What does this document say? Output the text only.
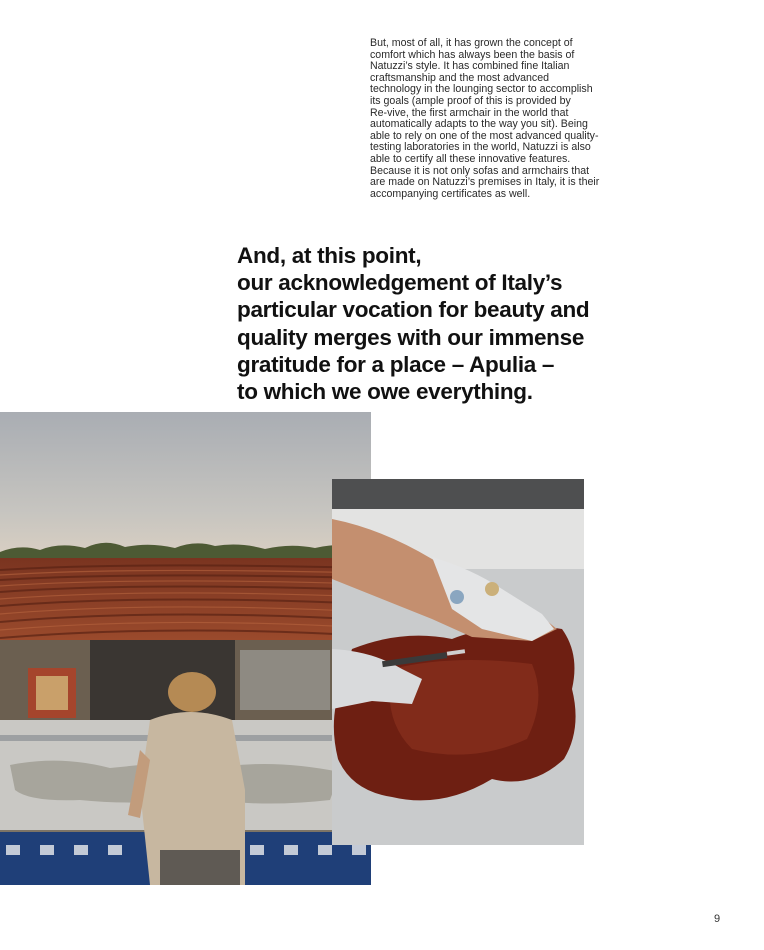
But, most of all, it has grown the concept of
comfort which has always been the basis of
Natuzzi’s style. It has combined fine Italian
craftsmanship and the most advanced
technology in the lounging sector to accomplish
its goals (ample proof of this is provided by
Re-vive, the first armchair in the world that
automatically adapts to the way you sit). Being
able to rely on one of the most advanced quality-
testing laboratories in the world, Natuzzi is also
able to certify all these innovative features.
Because it is not only sofas and armchairs that
are made on Natuzzi’s premises in Italy, it is their
accompanying certificates as well.

And, at this point,
our acknowledgement of Italy’s
particular vocation for beauty and
quality merges with our immense
gratitude for a place – Apulia –
to which we owe everything.
9
